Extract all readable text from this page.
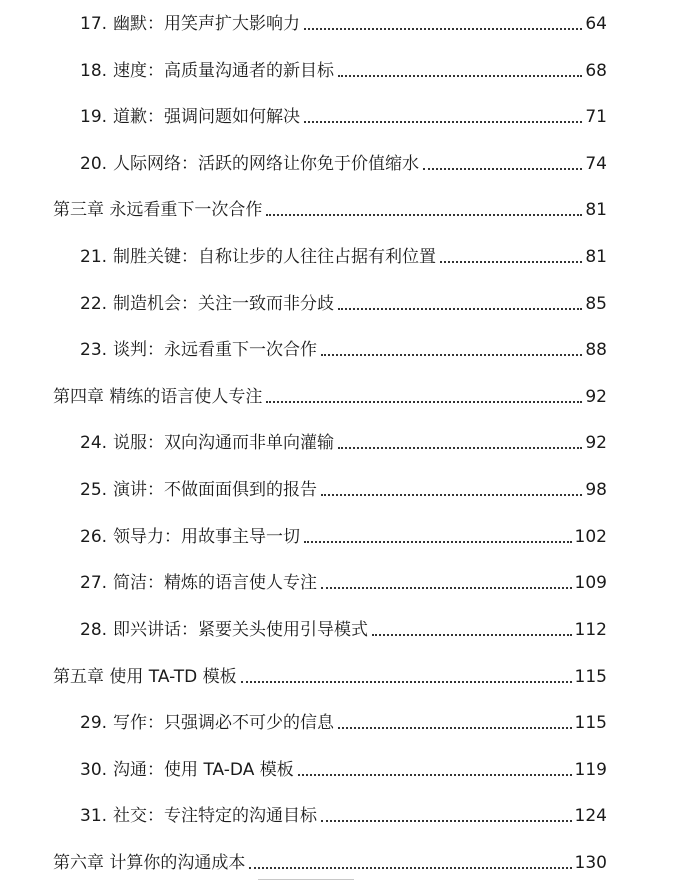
17. 幽默：用笑声扩大影响力	64
18. 速度：高质量沟通者的新目标	68
19. 道歉：强调问题如何解决	71
20. 人际网络：活跃的网络让你免于价值缩水	74
第三章 永远看重下一次合作	81
21. 制胜关键：自称让步的人往往占据有利位置	81
22. 制造机会：关注一致而非分歧	85
23. 谈判：永远看重下一次合作	88
第四章 精练的语言使人专注	92
24. 说服：双向沟通而非单向灌输	92
25. 演讲：不做面面俱到的报告	98
26. 领导力：用故事主导一切	102
27. 简洁：精炼的语言使人专注	109
28. 即兴讲话：紧要关头使用引导模式	112
第五章 使用 TA-TD 模板	115
29. 写作：只强调必不可少的信息	115
30. 沟通：使用 TA-DA 模板	119
31. 社交：专注特定的沟通目标	124
第六章 计算你的沟通成本	130
